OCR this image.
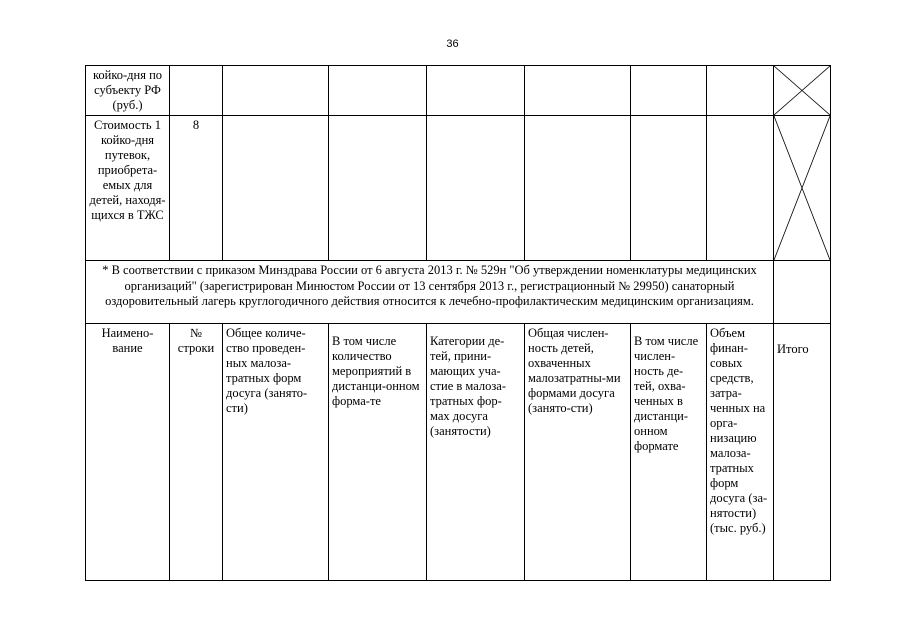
36
койко-дня по субъекту РФ (руб.)								

Стоимость 1 койко-дня путевок, приобрета-емых для детей, находя-щихся в ТЖС	8							

* В соответствии с приказом Минздрава России от 6 августа 2013 г. № 529н "Об утверждении номенклатуры медицинских организаций" (зарегистрирован Минюстом России от 13 сентября 2013 г., регистрационный № 29950) санаторный оздоровительный лагерь круглогодичного действия относится к лечебно-профилактическим медицинским организациям.								
Наимено-вание	№ строки	Общее количе-ство проведен-ных малоза-тратных форм досуга (занято-сти)	В том числе количество мероприятий в дистанци-онном форма-те	Категории де-тей, прини-мающих уча-стие в малоза-тратных фор-мах досуга (занятости)	Общая числен-ность детей, охваченных малозатратны-ми формами досуга (занято-сти)	В том числе числен-ность де-тей, охва-ченных в дистанци-онном формате	Объем финан-совых средств, затра-ченных на орга-низацию малоза-тратных форм досуга (за-нятости) (тыс. руб.)	Итого
